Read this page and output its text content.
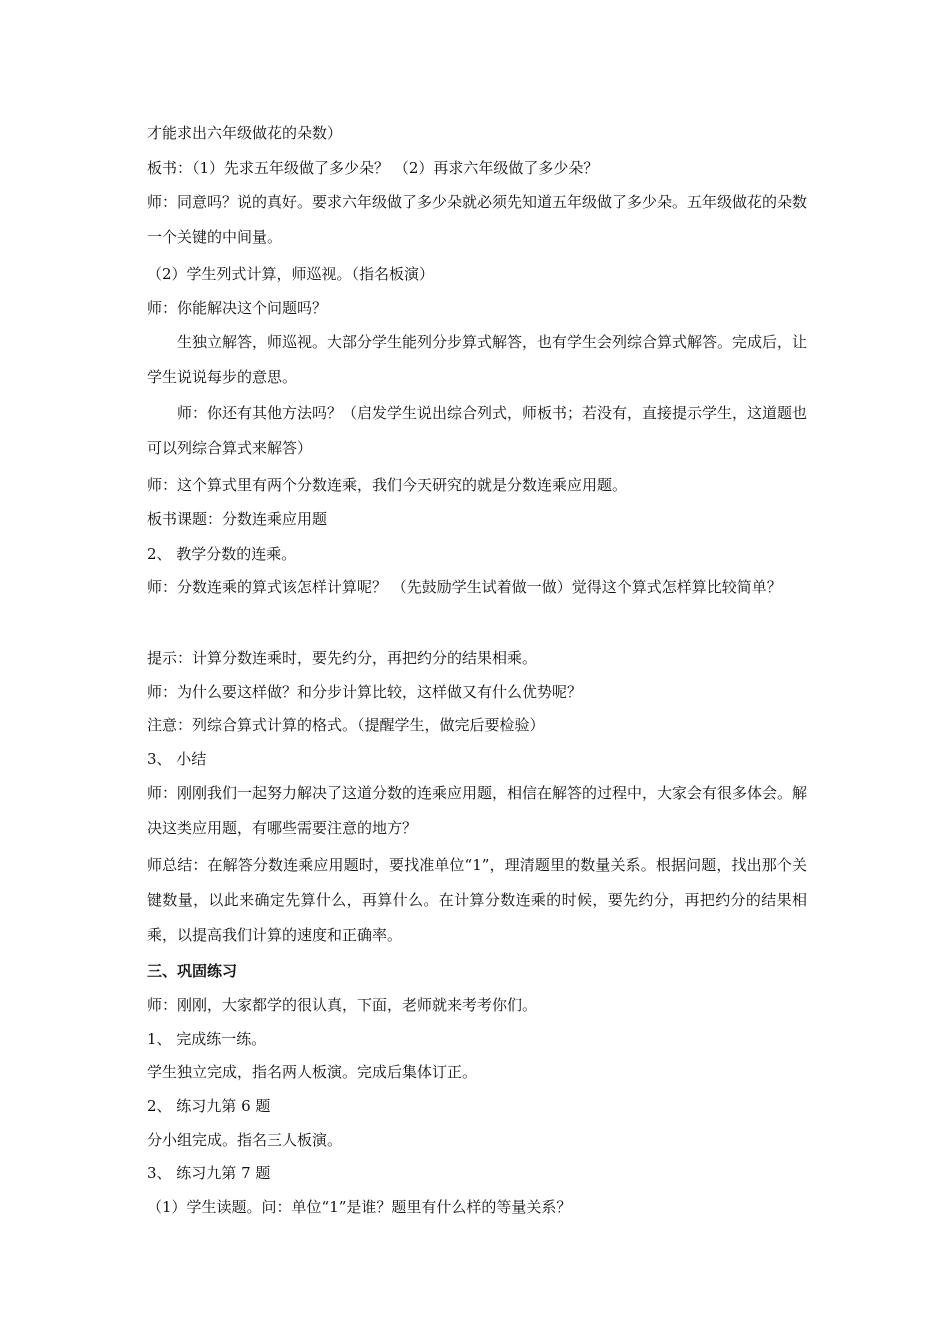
才能求出六年级做花的朵数）
板书：（1）先求五年级做了多少朵？ （2）再求六年级做了多少朵？
师：同意吗？说的真好。要求六年级做了多少朵就必须先知道五年级做了多少朵。五年级做花的朵数一个关键的中间量。
（2）学生列式计算，师巡视。（指名板演）
师：你能解决这个问题吗？
生独立解答，师巡视。大部分学生能列分步算式解答，也有学生会列综合算式解答。完成后，让学生说说每步的意思。
师：你还有其他方法吗？（启发学生说出综合列式，师板书；若没有，直接提示学生，这道题也可以列综合算式来解答）
师：这个算式里有两个分数连乘，我们今天研究的就是分数连乘应用题。
板书课题：分数连乘应用题
2、 教学分数的连乘。
师：分数连乘的算式该怎样计算呢？ （先鼓励学生试着做一做）觉得这个算式怎样算比较简单？
提示：计算分数连乘时，要先约分，再把约分的结果相乘。
师：为什么要这样做？和分步计算比较，这样做又有什么优势呢？
注意：列综合算式计算的格式。（提醒学生，做完后要检验）
3、 小结
师：刚刚我们一起努力解决了这道分数的连乘应用题，相信在解答的过程中，大家会有很多体会。解决这类应用题，有哪些需要注意的地方？
师总结：在解答分数连乘应用题时，要找准单位“1”，理清题里的数量关系。根据问题，找出那个关键数量，以此来确定先算什么，再算什么。在计算分数连乘的时候，要先约分，再把约分的结果相乘，以提高我们计算的速度和正确率。
三、巩固练习
师：刚刚，大家都学的很认真，下面，老师就来考考你们。
1、 完成练一练。
学生独立完成，指名两人板演。完成后集体订正。
2、 练习九第 6 题
分小组完成。指名三人板演。
3、 练习九第 7 题
（1）学生读题。问：单位“1”是谁？题里有什么样的等量关系？
